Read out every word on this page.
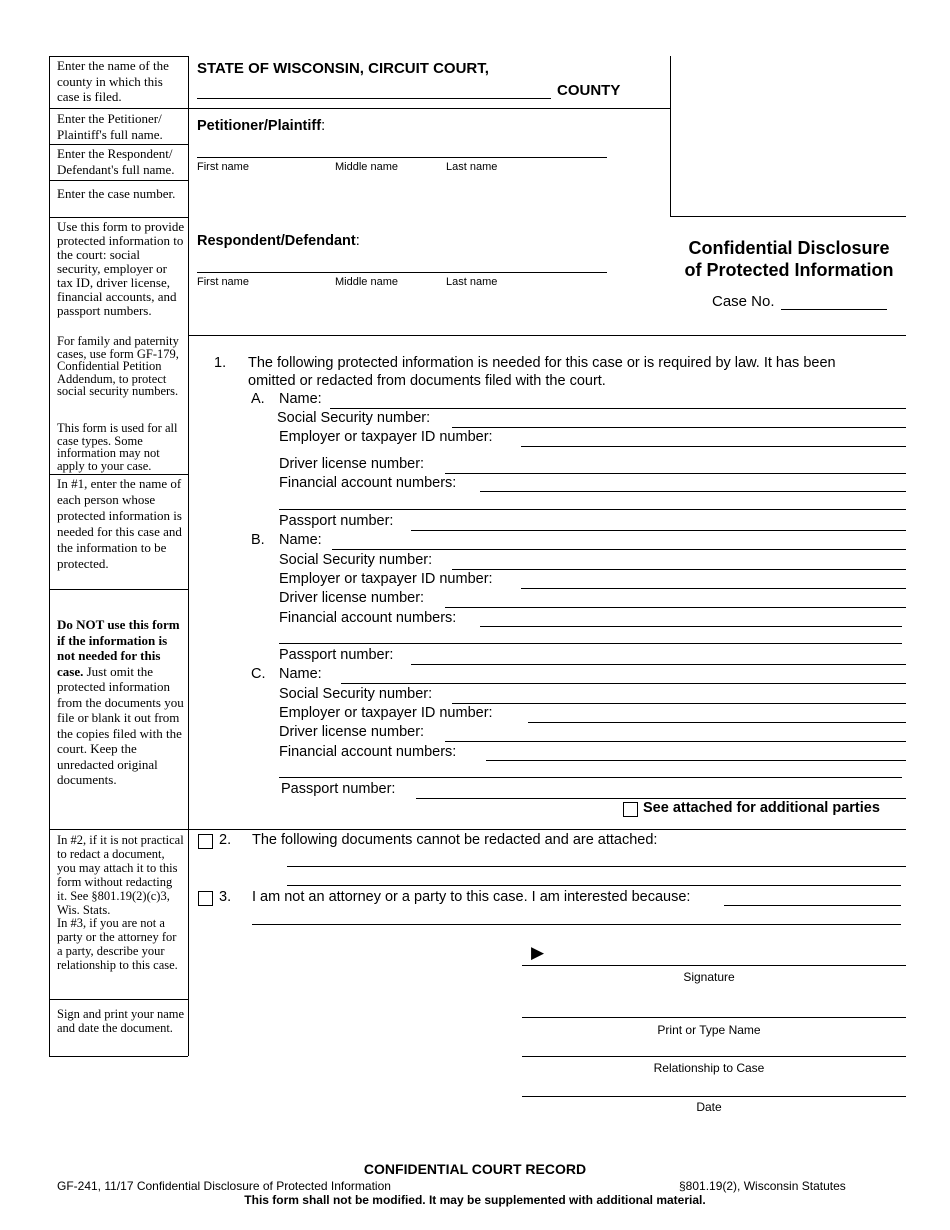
Enter the name of the county in which this case is filed.
Enter the Petitioner/ Plaintiff's full name.
Enter the Respondent/ Defendant's full name.
Enter the case number.
Use this form to provide protected information to the court: social security, employer or tax ID, driver license, financial accounts, and passport numbers.
For family and paternity cases, use form GF-179, Confidential Petition Addendum, to protect social security numbers.
This form is used for all case types. Some information may not apply to your case.
In #1, enter the name of each person whose protected information is needed for this case and the information to be protected.
Do NOT use this form if the information is not needed for this case. Just omit the protected information from the documents you file or blank it out from the copies filed with the court. Keep the unredacted original documents.
In #2, if it is not practical to redact a document, you may attach it to this form without redacting it. See §801.19(2)(c)3, Wis. Stats.
In #3, if you are not a party or the attorney for a party, describe your relationship to this case.
Sign and print your name and date the document.
STATE OF WISCONSIN, CIRCUIT COURT,
COUNTY
Petitioner/Plaintiff:
First name	Middle name	Last name
Respondent/Defendant:
First name	Middle name	Last name
Confidential Disclosure
of Protected Information
Case No.
1. The following protected information is needed for this case or is required by law. It has been
omitted or redacted from documents filed with the court.
A. Name:
Social Security number:
Employer or taxpayer ID number:
Driver license number:
Financial account numbers:
Passport number:
B. Name:
Social Security number:
Employer or taxpayer ID number:
Driver license number:
Financial account numbers:
Passport number:
C. Name:
Social Security number:
Employer or taxpayer ID number:
Driver license number:
Financial account numbers:
Passport number:
See attached for additional parties
2. The following documents cannot be redacted and are attached:
3. I am not an attorney or a party to this case. I am interested because:
▶
Signature
Print or Type Name
Relationship to Case
Date
CONFIDENTIAL COURT RECORD
GF-241, 11/17 Confidential Disclosure of Protected Information	§801.19(2), Wisconsin Statutes
This form shall not be modified. It may be supplemented with additional material.
